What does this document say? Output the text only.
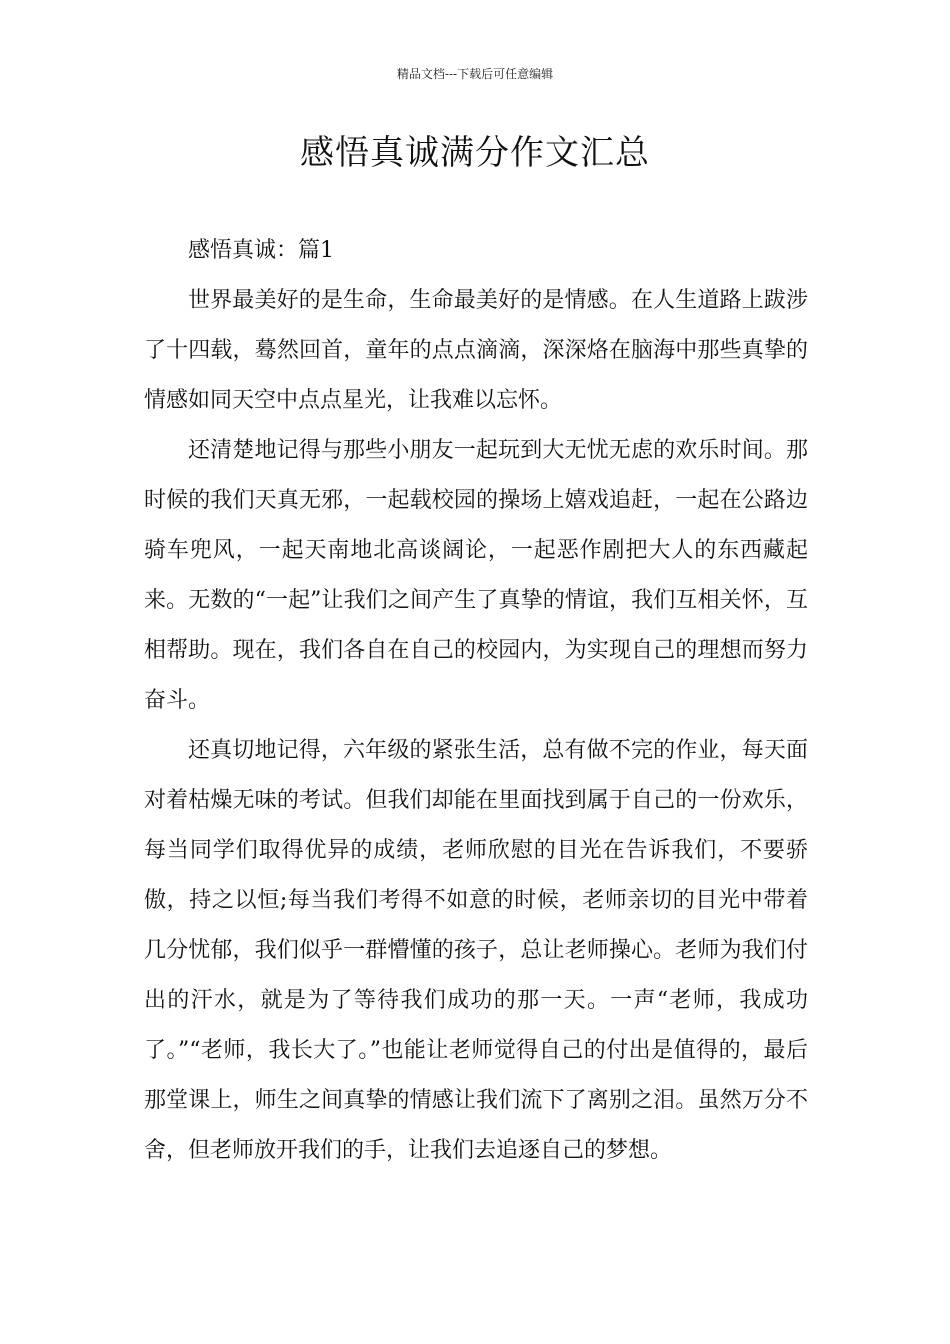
精品文档---下载后可任意编辑
感悟真诚满分作文汇总

感悟真诚：篇1

世界最美好的是生命，生命最美好的是情感。在人生道路上跋涉了十四载，蓦然回首，童年的点点滴滴，深深烙在脑海中那些真挚的情感如同天空中点点星光，让我难以忘怀。

还清楚地记得与那些小朋友一起玩到大无忧无虑的欢乐时间。那时候的我们天真无邪，一起载校园的操场上嬉戏追赶，一起在公路边骑车兜风，一起天南地北高谈阔论，一起恶作剧把大人的东西藏起来。无数的“一起”让我们之间产生了真挚的情谊，我们互相关怀，互相帮助。现在，我们各自在自己的校园内，为实现自己的理想而努力奋斗。

还真切地记得，六年级的紧张生活，总有做不完的作业，每天面对着枯燥无味的考试。但我们却能在里面找到属于自己的一份欢乐，每当同学们取得优异的成绩，老师欣慰的目光在告诉我们，不要骄傲，持之以恒;每当我们考得不如意的时候，老师亲切的目光中带着几分忧郁，我们似乎一群懵懂的孩子，总让老师操心。老师为我们付出的汗水，就是为了等待我们成功的那一天。一声“老师，我成功了。”“老师，我长大了。”也能让老师觉得自己的付出是值得的，最后那堂课上，师生之间真挚的情感让我们流下了离别之泪。虽然万分不舍，但老师放开我们的手，让我们去追逐自己的梦想。
